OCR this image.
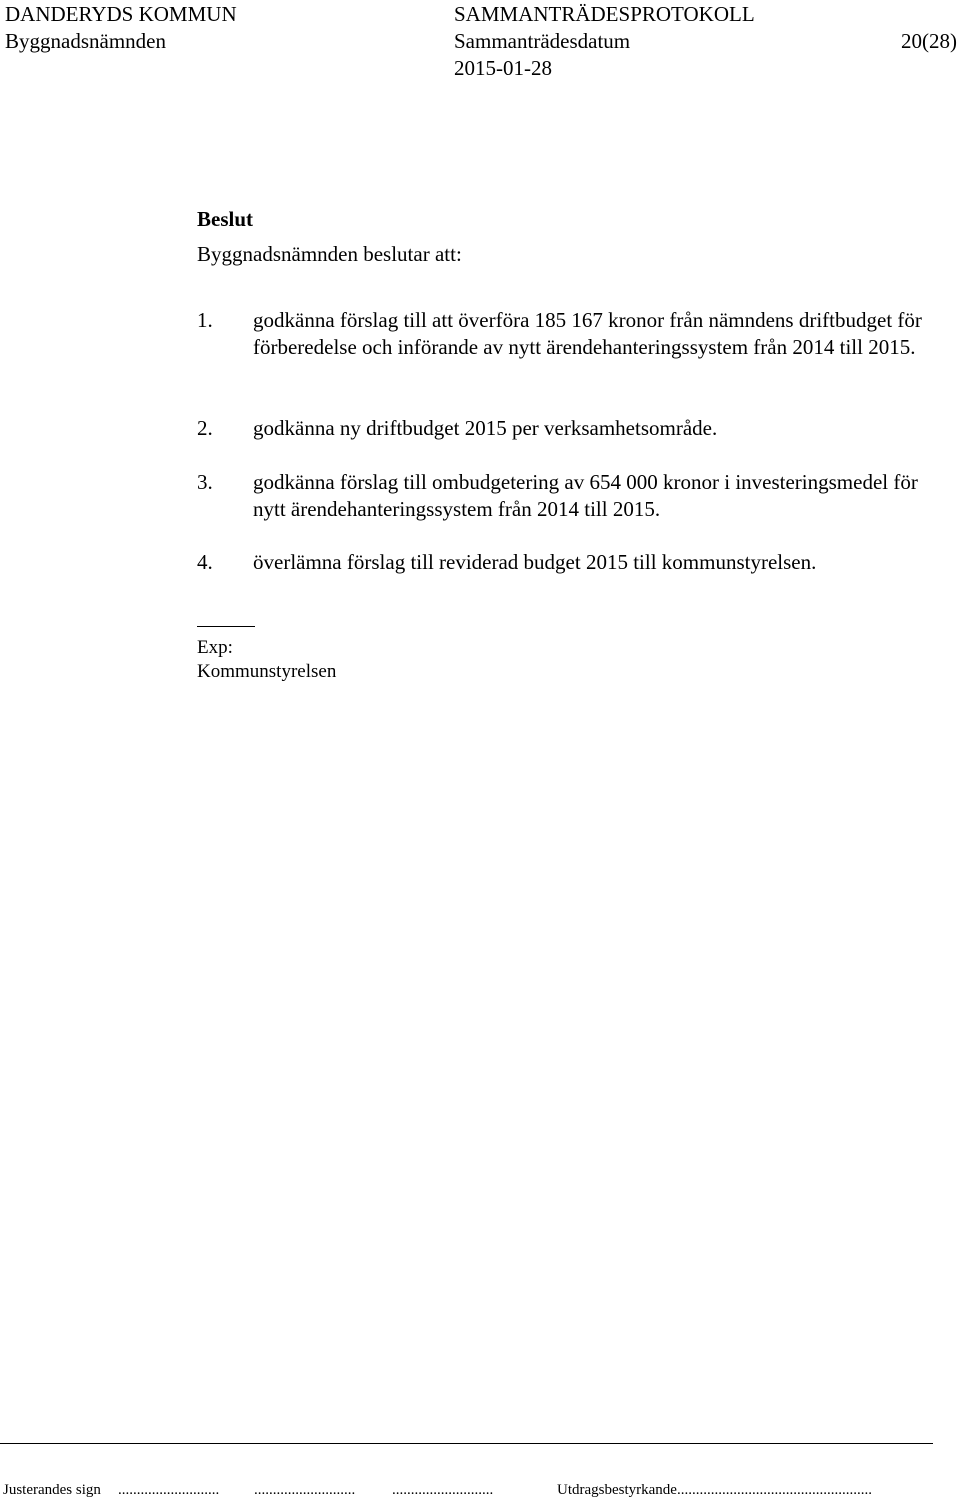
DANDERYDS KOMMUN	SAMMANTRÄDESPROTOKOLL
Byggnadsnämnden	Sammanträdesdatum	20(28)
2015-01-28
Beslut
Byggnadsnämnden beslutar att:
1. godkänna förslag till att överföra 185 167 kronor från nämndens driftbudget för förberedelse och införande av nytt ärendehanteringssystem från 2014 till 2015.
2. godkänna ny driftbudget 2015 per verksamhetsområde.
3. godkänna förslag till ombudgetering av 654 000 kronor i investeringsmedel för nytt ärendehanteringssystem från 2014 till 2015.
4. överlämna förslag till reviderad budget 2015 till kommunstyrelsen.
Exp:
Kommunstyrelsen
Justerandes sign ........................... ........................... ...........................	Utdragsbestyrkande....................................................
